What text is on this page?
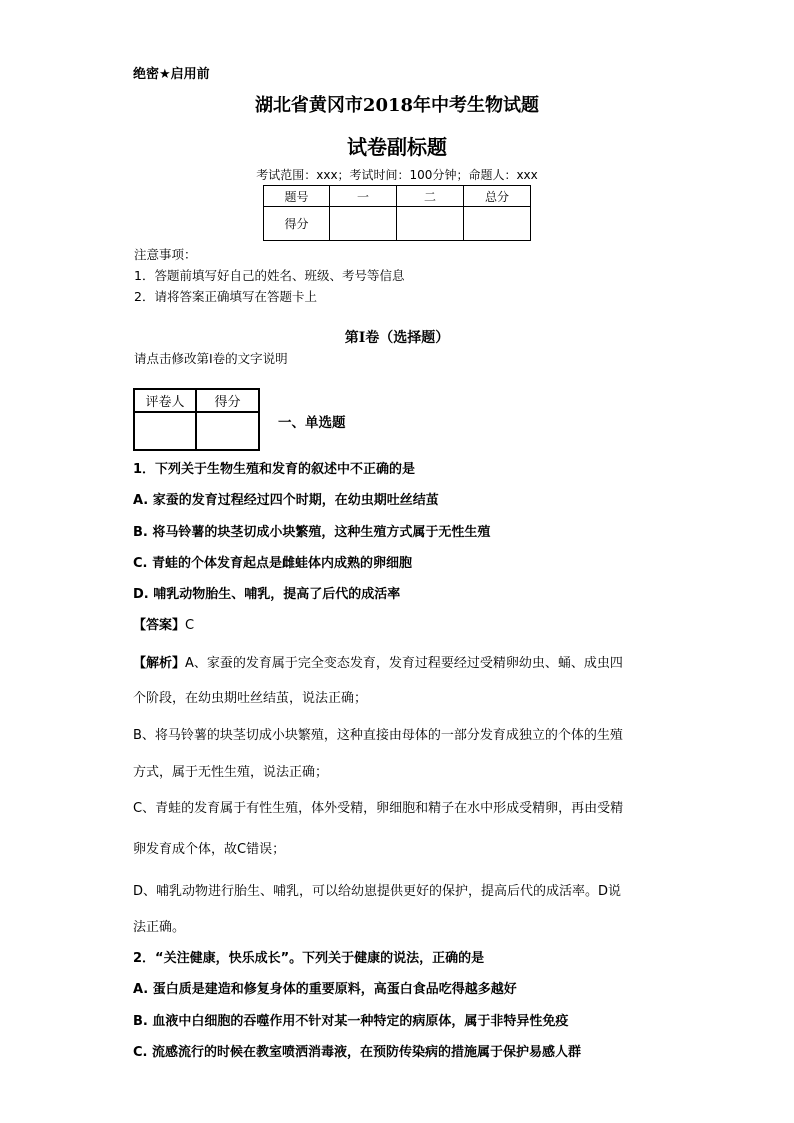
绝密★启用前
湖北省黄冈市2018年中考生物试题
试卷副标题
考试范围：xxx；考试时间：100分钟；命题人：xxx
题号	一	二	总分
得分			
注意事项：
1．答题前填写好自己的姓名、班级、考号等信息
2．请将答案正确填写在答题卡上
第I卷（选择题）
请点击修改第I卷的文字说明
评卷人	得分

一、单选题
1．下列关于生物生殖和发育的叙述中不正确的是
A. 家蚕的发育过程经过四个时期，在幼虫期吐丝结茧
B. 将马铃薯的块茎切成小块繁殖，这种生殖方式属于无性生殖
C. 青蛙的个体发育起点是雌蛙体内成熟的卵细胞
D. 哺乳动物胎生、哺乳，提高了后代的成活率
【答案】C
【解析】A、家蚕的发育属于完全变态发育，发育过程要经过受精卵幼虫、蛹、成虫四
个阶段，在幼虫期吐丝结茧，说法正确；
B、将马铃薯的块茎切成小块繁殖，这种直接由母体的一部分发育成独立的个体的生殖
方式，属于无性生殖，说法正确；
C、青蛙的发育属于有性生殖，体外受精，卵细胞和精子在水中形成受精卵，再由受精
卵发育成个体，故C错误；
D、哺乳动物进行胎生、哺乳，可以给幼崽提供更好的保护，提高后代的成活率。D说
法正确。
2．“关注健康，快乐成长”。下列关于健康的说法，正确的是
A. 蛋白质是建造和修复身体的重要原料，高蛋白食品吃得越多越好
B. 血液中白细胞的吞噬作用不针对某一种特定的病原体，属于非特异性免疫
C. 流感流行的时候在教室喷洒消毒液，在预防传染病的措施属于保护易感人群
